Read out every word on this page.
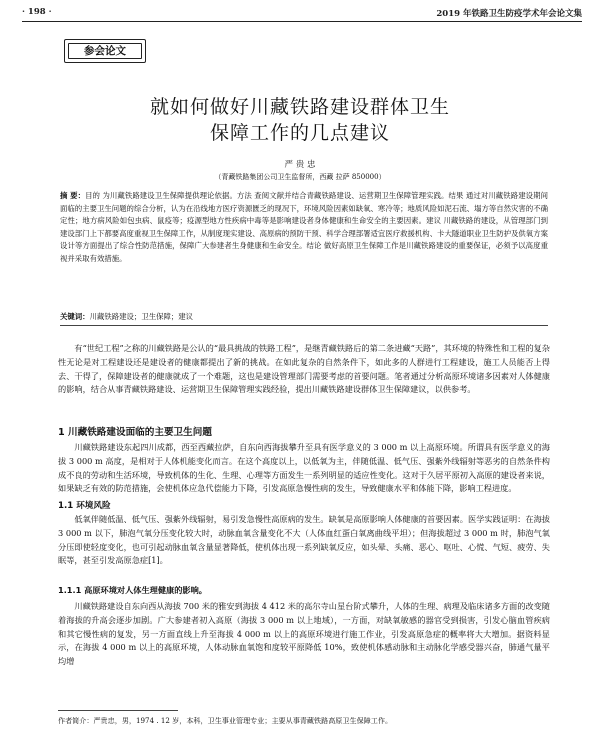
· 198 ·	2019 年铁路卫生防疫学术年会论文集
参会论文
就如何做好川藏铁路建设群体卫生
保障工作的几点建议
严 贵 忠
（青藏铁路集团公司卫生监督所，西藏 拉萨 850000）
摘 要：目的 为川藏铁路建设卫生保障提供理论依据。方法 查阅文献并结合青藏铁路建设、运营期卫生保障管理实践。结果 通过对川藏铁路建设期间面临的主要卫生问题的综合分析，认为在沿线地方医疗资源匮乏的现况下，环境风险因素如缺氧、寒冷等；地质风险如泥石流、塌方等自然灾害的不确定性；地方病风险如包虫病、鼠疫等；疫源型地方性疾病中毒等是影响建设者身体健康和生命安全的主要因素。建议 川藏铁路的建设，从管理部门到建设部门上下都要高度重视卫生保障工作，从制度现实建设、高原病的预防干预、科学合理部署适宜医疗救援机构、卡大隧道职业卫生防护及供氧方案设计等方面提出了综合性防范措施，保障广大参建者生身健康和生命安全。结论 做好高原卫生保障工作是川藏铁路建设的重要保证，必须予以高度重视并采取有效措施。
关键词：川藏铁路建设；卫生保障；建议
有“世纪工程”之称的川藏铁路是公认的“最具挑战的铁路工程”，是继青藏铁路后的第二条进藏“天路”，其环境的特殊性和工程的复杂性无论是对工程建设还是建设者的健康都提出了新的挑战。在如此复杂的自然条件下，如此多的人群进行工程建设，施工人员能否上得去、干得了，保障建设者的健康就成了一个难题，这也是建设管理部门需要考虑的首要问题。笔者通过分析高原环境诸多因素对人体健康的影响，结合从事青藏铁路建设、运营期卫生保障管理实践经验，提出川藏铁路建设群体卫生保障建议，以供参考。
1 川藏铁路建设面临的主要卫生问题
川藏铁路建设东起四川成都，西至西藏拉萨，自东向西海拔攀升至具有医学意义的 3 000 m 以上高原环境。所谓具有医学意义的海拔 3 000 m 高度，是相对于人体机能变化而言。在这个高度以上，以低氧为主，伴随低温、低气压、强紫外线辐射等恶劣的自然条件构成不良的劳动和生活环境，导致机体的生化、生理、心理等方面发生一系列明显的适应性变化。这对于久居平原初入高原的建设者来说，如果缺乏有效的防范措施，会使机体应急代偿能力下降，引发高原急慢性病的发生，导致健康水平和体能下降，影响工程进度。
1.1 环境风险
低氧伴随低温、低气压、强紫外线辐射，易引发急慢性高原病的发生。缺氧是高原影响人体健康的首要因素。医学实践证明：在海拔 3 000 m 以下，肺泡气氧分压变化较大时，动脉血氧含量变化不大（人体血红蛋白氧离曲线平坦）；但海拔超过 3 000 m 时，肺泡气氧分压即使轻度变化，也可引起动脉血氧含量显著降低，使机体出现一系列缺氧反应，如头晕、头痛、恶心、呕吐、心慌、气短、疲劳、失眠等，甚至引发高原急症[1]。
1.1.1 高原环境对人体生理健康的影响。
川藏铁路建设自东向西从海拔 700 米的雅安到海拔 4 412 米的高尔寺山星台阶式攀升，人体的生理、病理及临床诸多方面的改变随着海拔的升高会逐步加剧。广大参建者初入高原（海拔 3 000 m 以上地域），一方面，对缺氧敏感的器官受到损害，引发心脑血管疾病和其它慢性病的复发，另一方面直线上升至海拔 4 000 m 以上的高原环境进行施工作业，引发高原急症的概率将大大增加。据资料显示，在海拔 4 000 m 以上的高原环境，人体动脉血氧饱和度较平原降低 10%，致使机体感动脉和主动脉化学感受器兴奋，肺通气量平均增
作者简介：严贵忠，男，1974 . 12 岁，本科，卫生事业管理专业；主要从事青藏铁路高原卫生保障工作。
